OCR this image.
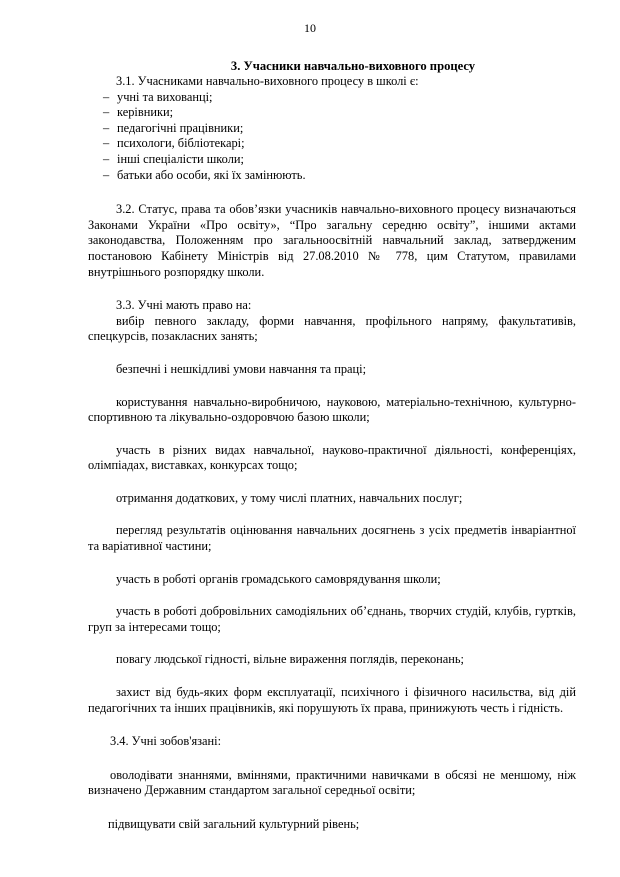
10

3. Учасники навчально-виховного процесу

3.1. Учасниками навчально-виховного процесу в школі є:

– учні та вихованці;
– керівники;
– педагогічні працівники;
– психологи, бібліотекарі;
– інші спеціалісти школи;
– батьки або особи, які їх замінюють.

3.2. Статус, права та обов’язки учасників навчально-виховного процесу визначаються Законами України «Про освіту», “Про загальну середню освіту”, іншими актами законодавства, Положенням про загальноосвітній навчальний заклад, затвердженим постановою Кабінету Міністрів від 27.08.2010 № 778, цим Статутом, правилами внутрішнього розпорядку школи.

3.3. Учні мають право на:

вибір певного закладу, форми навчання, профільного напряму, факультативів, спецкурсів, позакласних занять;

безпечні і нешкідливі умови навчання та праці;

користування навчально-виробничою, науковою, матеріально-технічною, культурно-спортивною та лікувально-оздоровчою базою школи;

участь в різних видах навчальної, науково-практичної діяльності, конференціях, олімпіадах, виставках, конкурсах тощо;

отримання додаткових, у тому числі платних, навчальних послуг;

перегляд результатів оцінювання навчальних досягнень з усіх предметів інваріантної та варіативної частини;

участь в роботі органів громадського самоврядування школи;

участь в роботі добровільних самодіяльних об’єднань, творчих студій, клубів, гуртків, груп за інтересами тощо;

повагу людської гідності, вільне вираження поглядів, переконань;

захист від будь-яких форм експлуатації, психічного і фізичного насильства, від дій педагогічних та інших працівників, які порушують їх права, принижують честь і гідність.

3.4. Учні зобов'язані:

оволодівати знаннями, вміннями, практичними навичками в обсязі не меншому, ніж визначено Державним стандартом загальної середньої освіти;

підвищувати свій загальний культурний рівень;
